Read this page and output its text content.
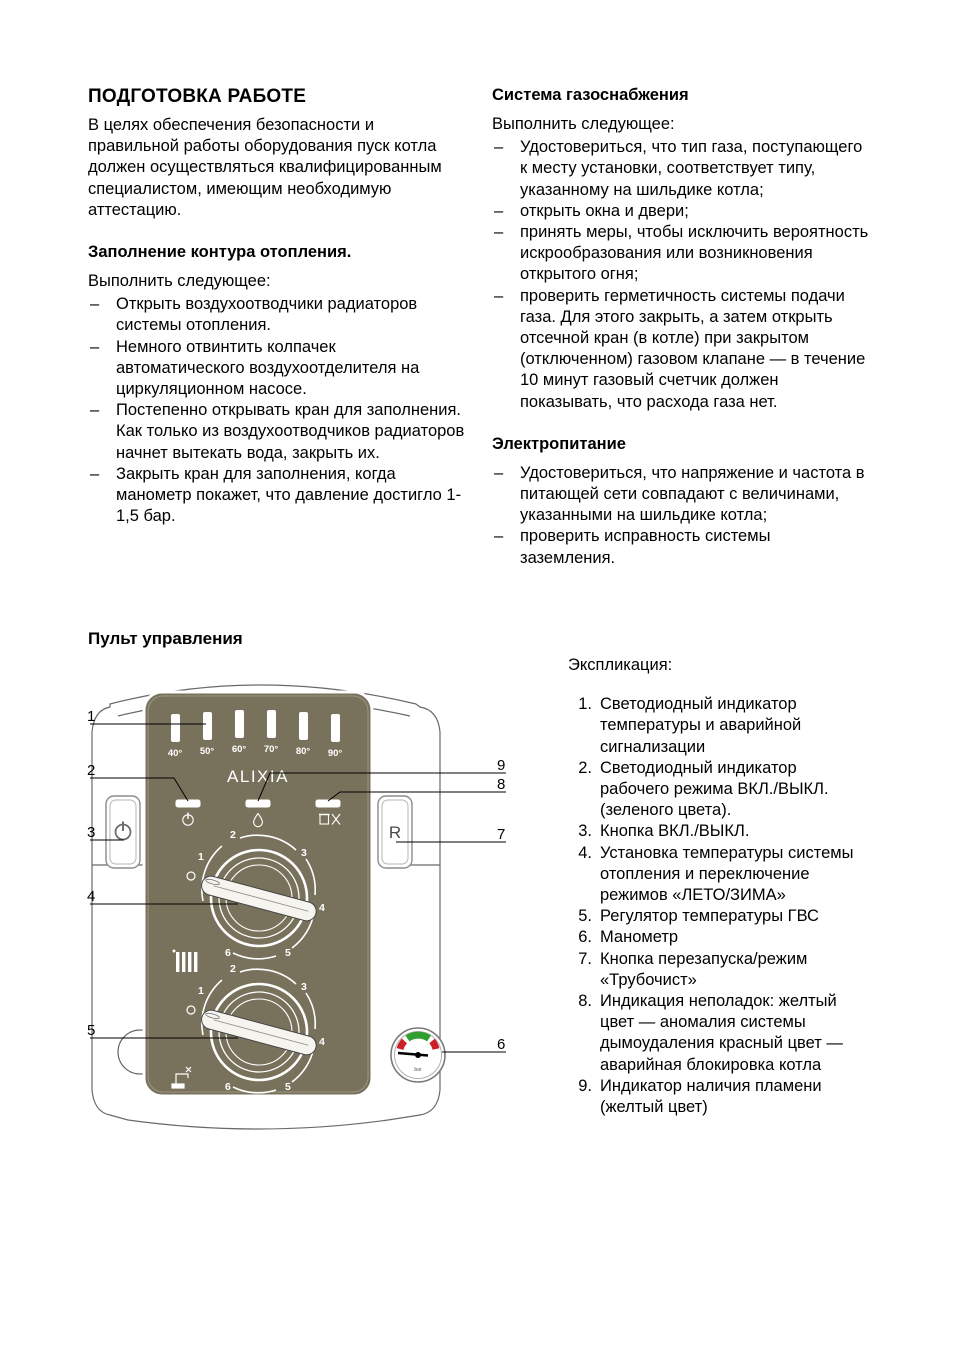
ПОДГОТОВКА РАБОТЕ

В целях обеспечения безопасности и правильной работы оборудования пуск котла должен осуществляться квалифицированным специалистом, имеющим необходимую аттестацию.

Заполнение контура отопления.

Выполнить следующее:

– Открыть воздухоотводчики радиаторов системы отопления.
– Немного отвинтить колпачек автоматического воздухоотделителя на циркуляционном насосе.
– Постепенно открывать кран для заполнения. Как только из воздухоотводчиков радиаторов начнет вытекать вода, закрыть их.
– Закрыть кран для заполнения, когда манометр покажет, что давление достигло 1-1,5 бар.
Система газоснабжения

Выполнить следующее:

– Удостовериться, что тип газа, поступающего к месту установки, соответствует типу, указанному на шильдике котла;
– открыть окна и двери;
– принять меры, чтобы исключить вероятность искрообразования или возникновения открытого огня;
– проверить герметичность системы подачи газа. Для этого закрыть, а затем открыть отсечной кран (в котле) при закрытом (отключенном) газовом клапане — в течение 10 минут газовый счетчик должен показывать, что расхода газа нет.
Электропитание
– Удостовериться, что напряжение и частота в питающей сети совпадают с величинами, указанными на шильдике котла;
– проверить исправность системы заземления.
Пульт управления
40° 50° 60° 70° 80° 90°
ALIXIA
1
2
3
4
5
6
1
2
3
4
5
6
R
bar
1
2
3
4
5
9
8
7
6
Экспликация:
1. Светодиодный индикатор температуры и аварийной сигнализации
2. Светодиодный индикатор рабочего режима ВКЛ./ВЫКЛ. (зеленого цвета).
3. Кнопка ВКЛ./ВЫКЛ.
4. Установка температуры системы отопления и переключение режимов «ЛЕТО/ЗИМА»
5. Регулятор температуры ГВС
6. Манометр
7. Кнопка перезапуска/режим «Трубочист»
8. Индикация неполадок: желтый цвет — аномалия системы дымоудаления красный цвет — аварийная блокировка котла
9. Индикатор наличия пламени (желтый цвет)
